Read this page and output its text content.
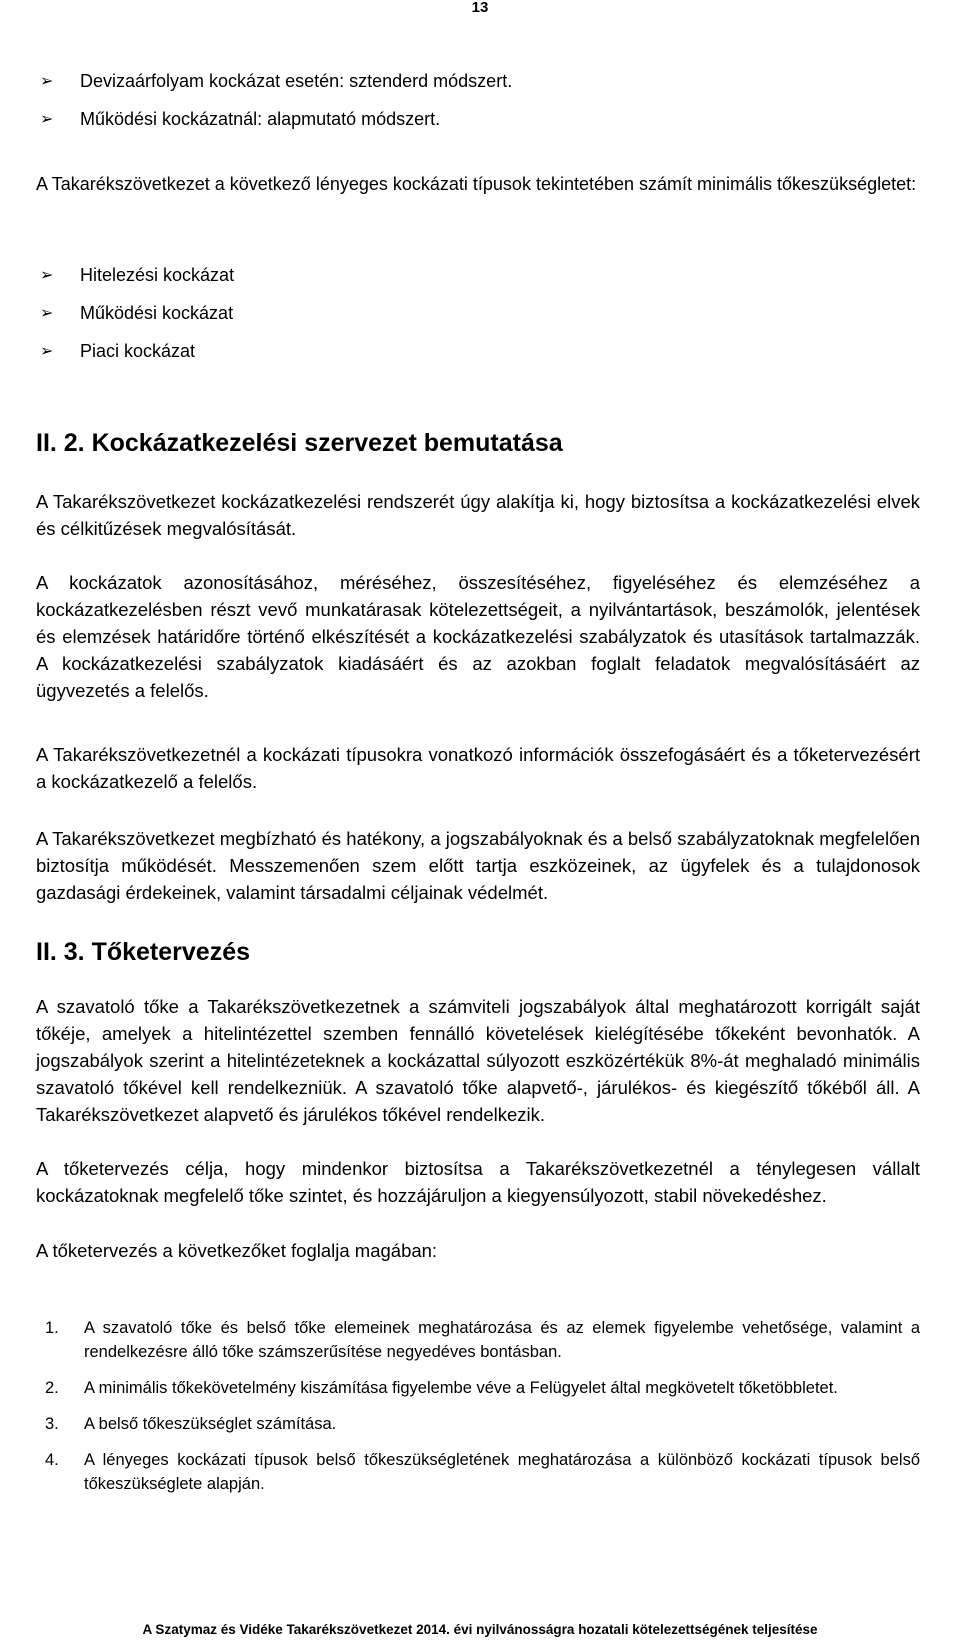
13
➢ Devizaárfolyam kockázat esetén: sztenderd módszert.
➢ Működési kockázatnál: alapmutató módszert.

A Takarékszövetkezet a következő lényeges kockázati típusok tekintetében számít minimális tőkeszükségletet:

➢ Hitelezési kockázat
➢ Működési kockázat
➢ Piaci kockázat
II. 2. Kockázatkezelési szervezet bemutatása

A Takarékszövetkezet kockázatkezelési rendszerét úgy alakítja ki, hogy biztosítsa a kockázatkezelési elvek és célkitűzések megvalósítását.

A kockázatok azonosításához, méréséhez, összesítéséhez, figyeléséhez és elemzéséhez a kockázatkezelésben részt vevő munkatárasak kötelezettségeit, a nyilvántartások, beszámolók, jelentések és elemzések határidőre történő elkészítését a kockázatkezelési szabályzatok és utasítások tartalmazzák. A kockázatkezelési szabályzatok kiadásáért és az azokban foglalt feladatok megvalósításáért az ügyvezetés a felelős.

A Takarékszövetkezetnél a kockázati típusokra vonatkozó információk összefogásáért és a tőketervezésért a kockázatkezelő a felelős.

A Takarékszövetkezet megbízható és hatékony, a jogszabályoknak és a belső szabályzatoknak megfelelően biztosítja működését. Messzemenően szem előtt tartja eszközeinek, az ügyfelek és a tulajdonosok gazdasági érdekeinek, valamint társadalmi céljainak védelmét.

II. 3. Tőketervezés

A szavatoló tőke a Takarékszövetkezetnek a számviteli jogszabályok által meghatározott korrigált saját tőkéje, amelyek a hitelintézettel szemben fennálló követelések kielégítésébe tőkeként bevonhatók. A jogszabályok szerint a hitelintézeteknek a kockázattal súlyozott eszközértékük 8%-át meghaladó minimális szavatoló tőkével kell rendelkezniük. A szavatoló tőke alapvető-, járulékos- és kiegészítő tőkéből áll. A Takarékszövetkezet alapvető és járulékos tőkével rendelkezik.

A tőketervezés célja, hogy mindenkor biztosítsa a Takarékszövetkezetnél a ténylegesen vállalt kockázatoknak megfelelő tőke szintet, és hozzájáruljon a kiegyensúlyozott, stabil növekedéshez.

A tőketervezés a következőket foglalja magában:

1. A szavatoló tőke és belső tőke elemeinek meghatározása és az elemek figyelembe vehetősége, valamint a rendelkezésre álló tőke számszerűsítése negyedéves bontásban.
2. A minimális tőkekövetelmény kiszámítása figyelembe véve a Felügyelet által megkövetelt tőketöbbletet.
3. A belső tőkeszükséglet számítása.
4. A lényeges kockázati típusok belső tőkeszükségletének meghatározása a különböző kockázati típusok belső tőkeszükséglete alapján.
A Szatymaz és Vidéke Takarékszövetkezet 2014. évi nyilvánosságra hozatali kötelezettségének teljesítése
